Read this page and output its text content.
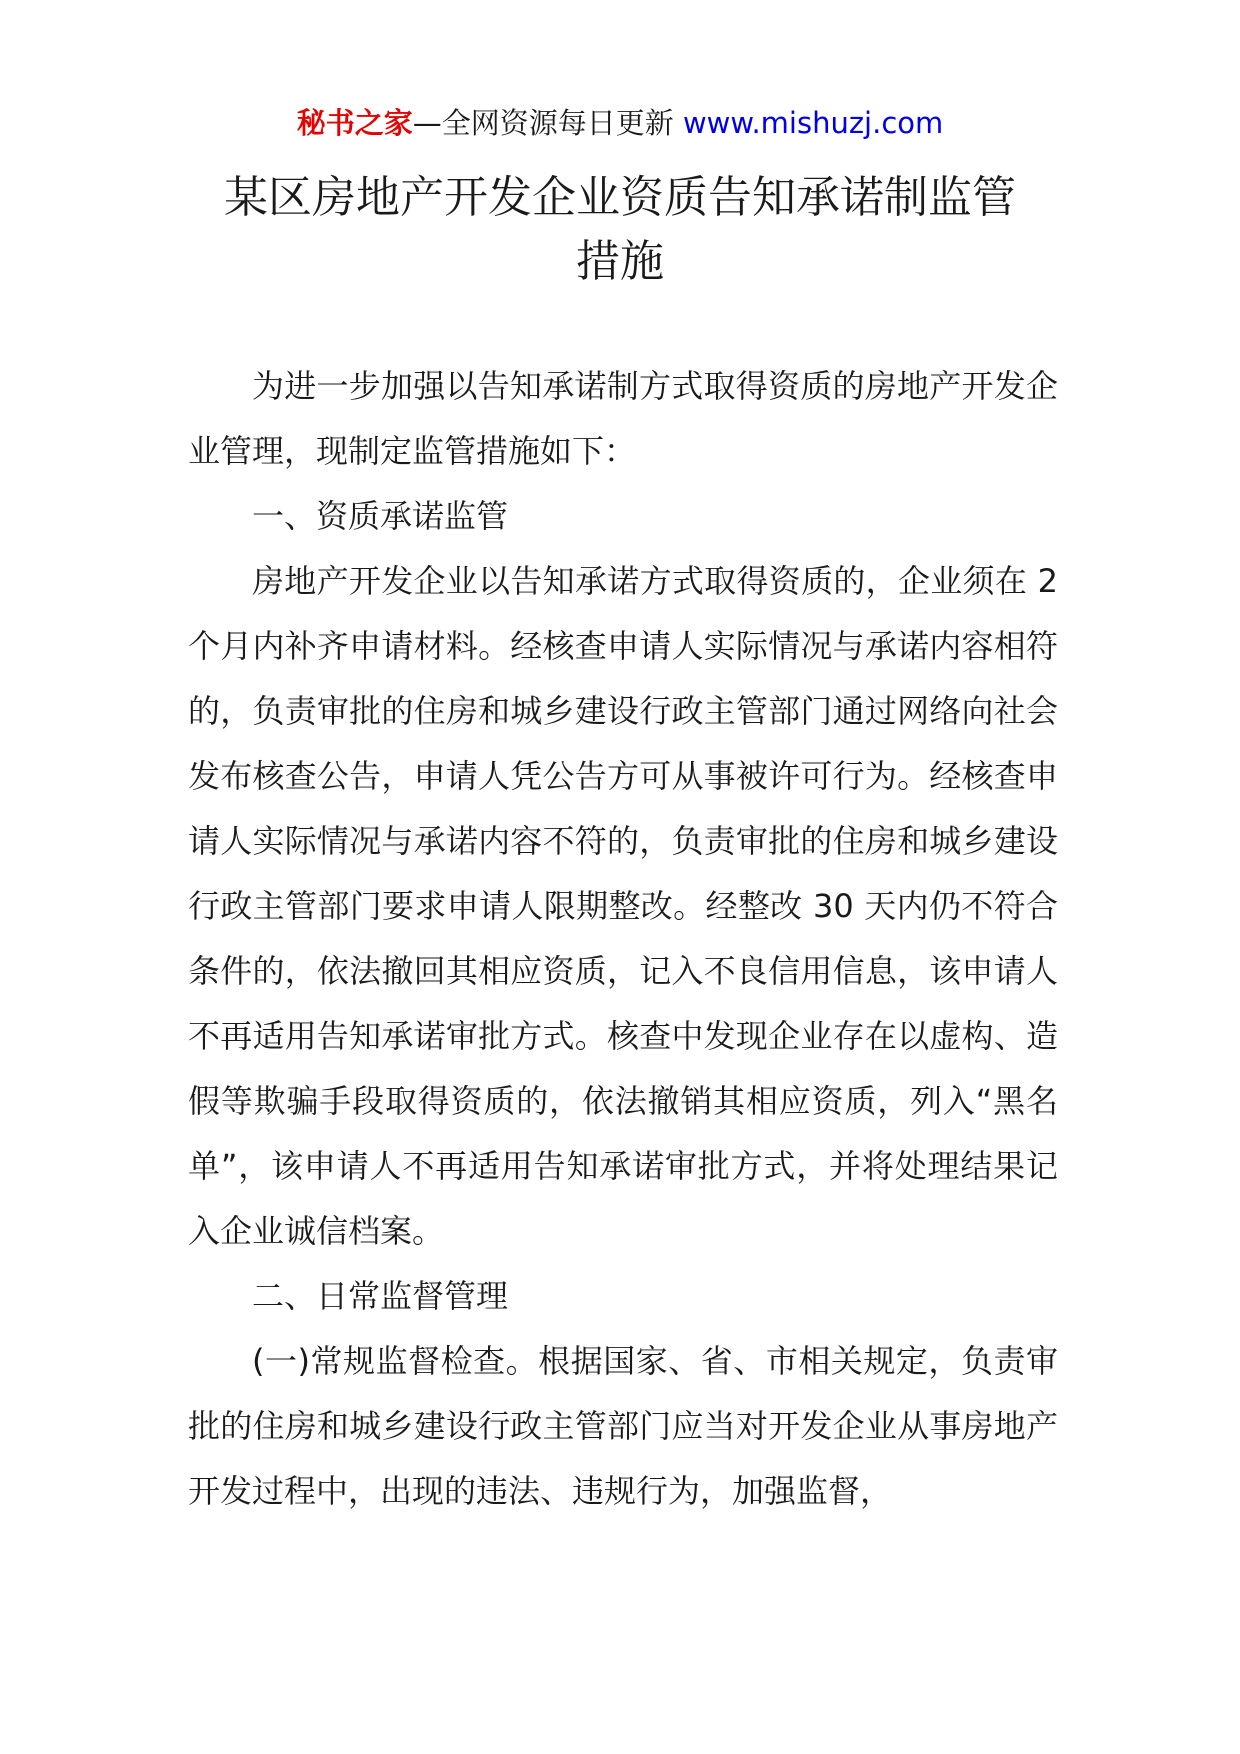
秘书之家—全网资源每日更新 www.mishuzj.com
某区房地产开发企业资质告知承诺制监管
措施

为进一步加强以告知承诺制方式取得资质的房地产开发企业管理，现制定监管措施如下：

一、资质承诺监管

房地产开发企业以告知承诺方式取得资质的，企业须在 2 个月内补齐申请材料。经核查申请人实际情况与承诺内容相符的，负责审批的住房和城乡建设行政主管部门通过网络向社会发布核查公告，申请人凭公告方可从事被许可行为。经核查申请人实际情况与承诺内容不符的，负责审批的住房和城乡建设行政主管部门要求申请人限期整改。经整改 30 天内仍不符合条件的，依法撤回其相应资质，记入不良信用信息，该申请人不再适用告知承诺审批方式。核查中发现企业存在以虚构、造假等欺骗手段取得资质的，依法撤销其相应资质，列入“黑名单”，该申请人不再适用告知承诺审批方式，并将处理结果记入企业诚信档案。

二、日常监督管理

(一)常规监督检查。根据国家、省、市相关规定，负责审批的住房和城乡建设行政主管部门应当对开发企业从事房地产开发过程中，出现的违法、违规行为，加强监督，
